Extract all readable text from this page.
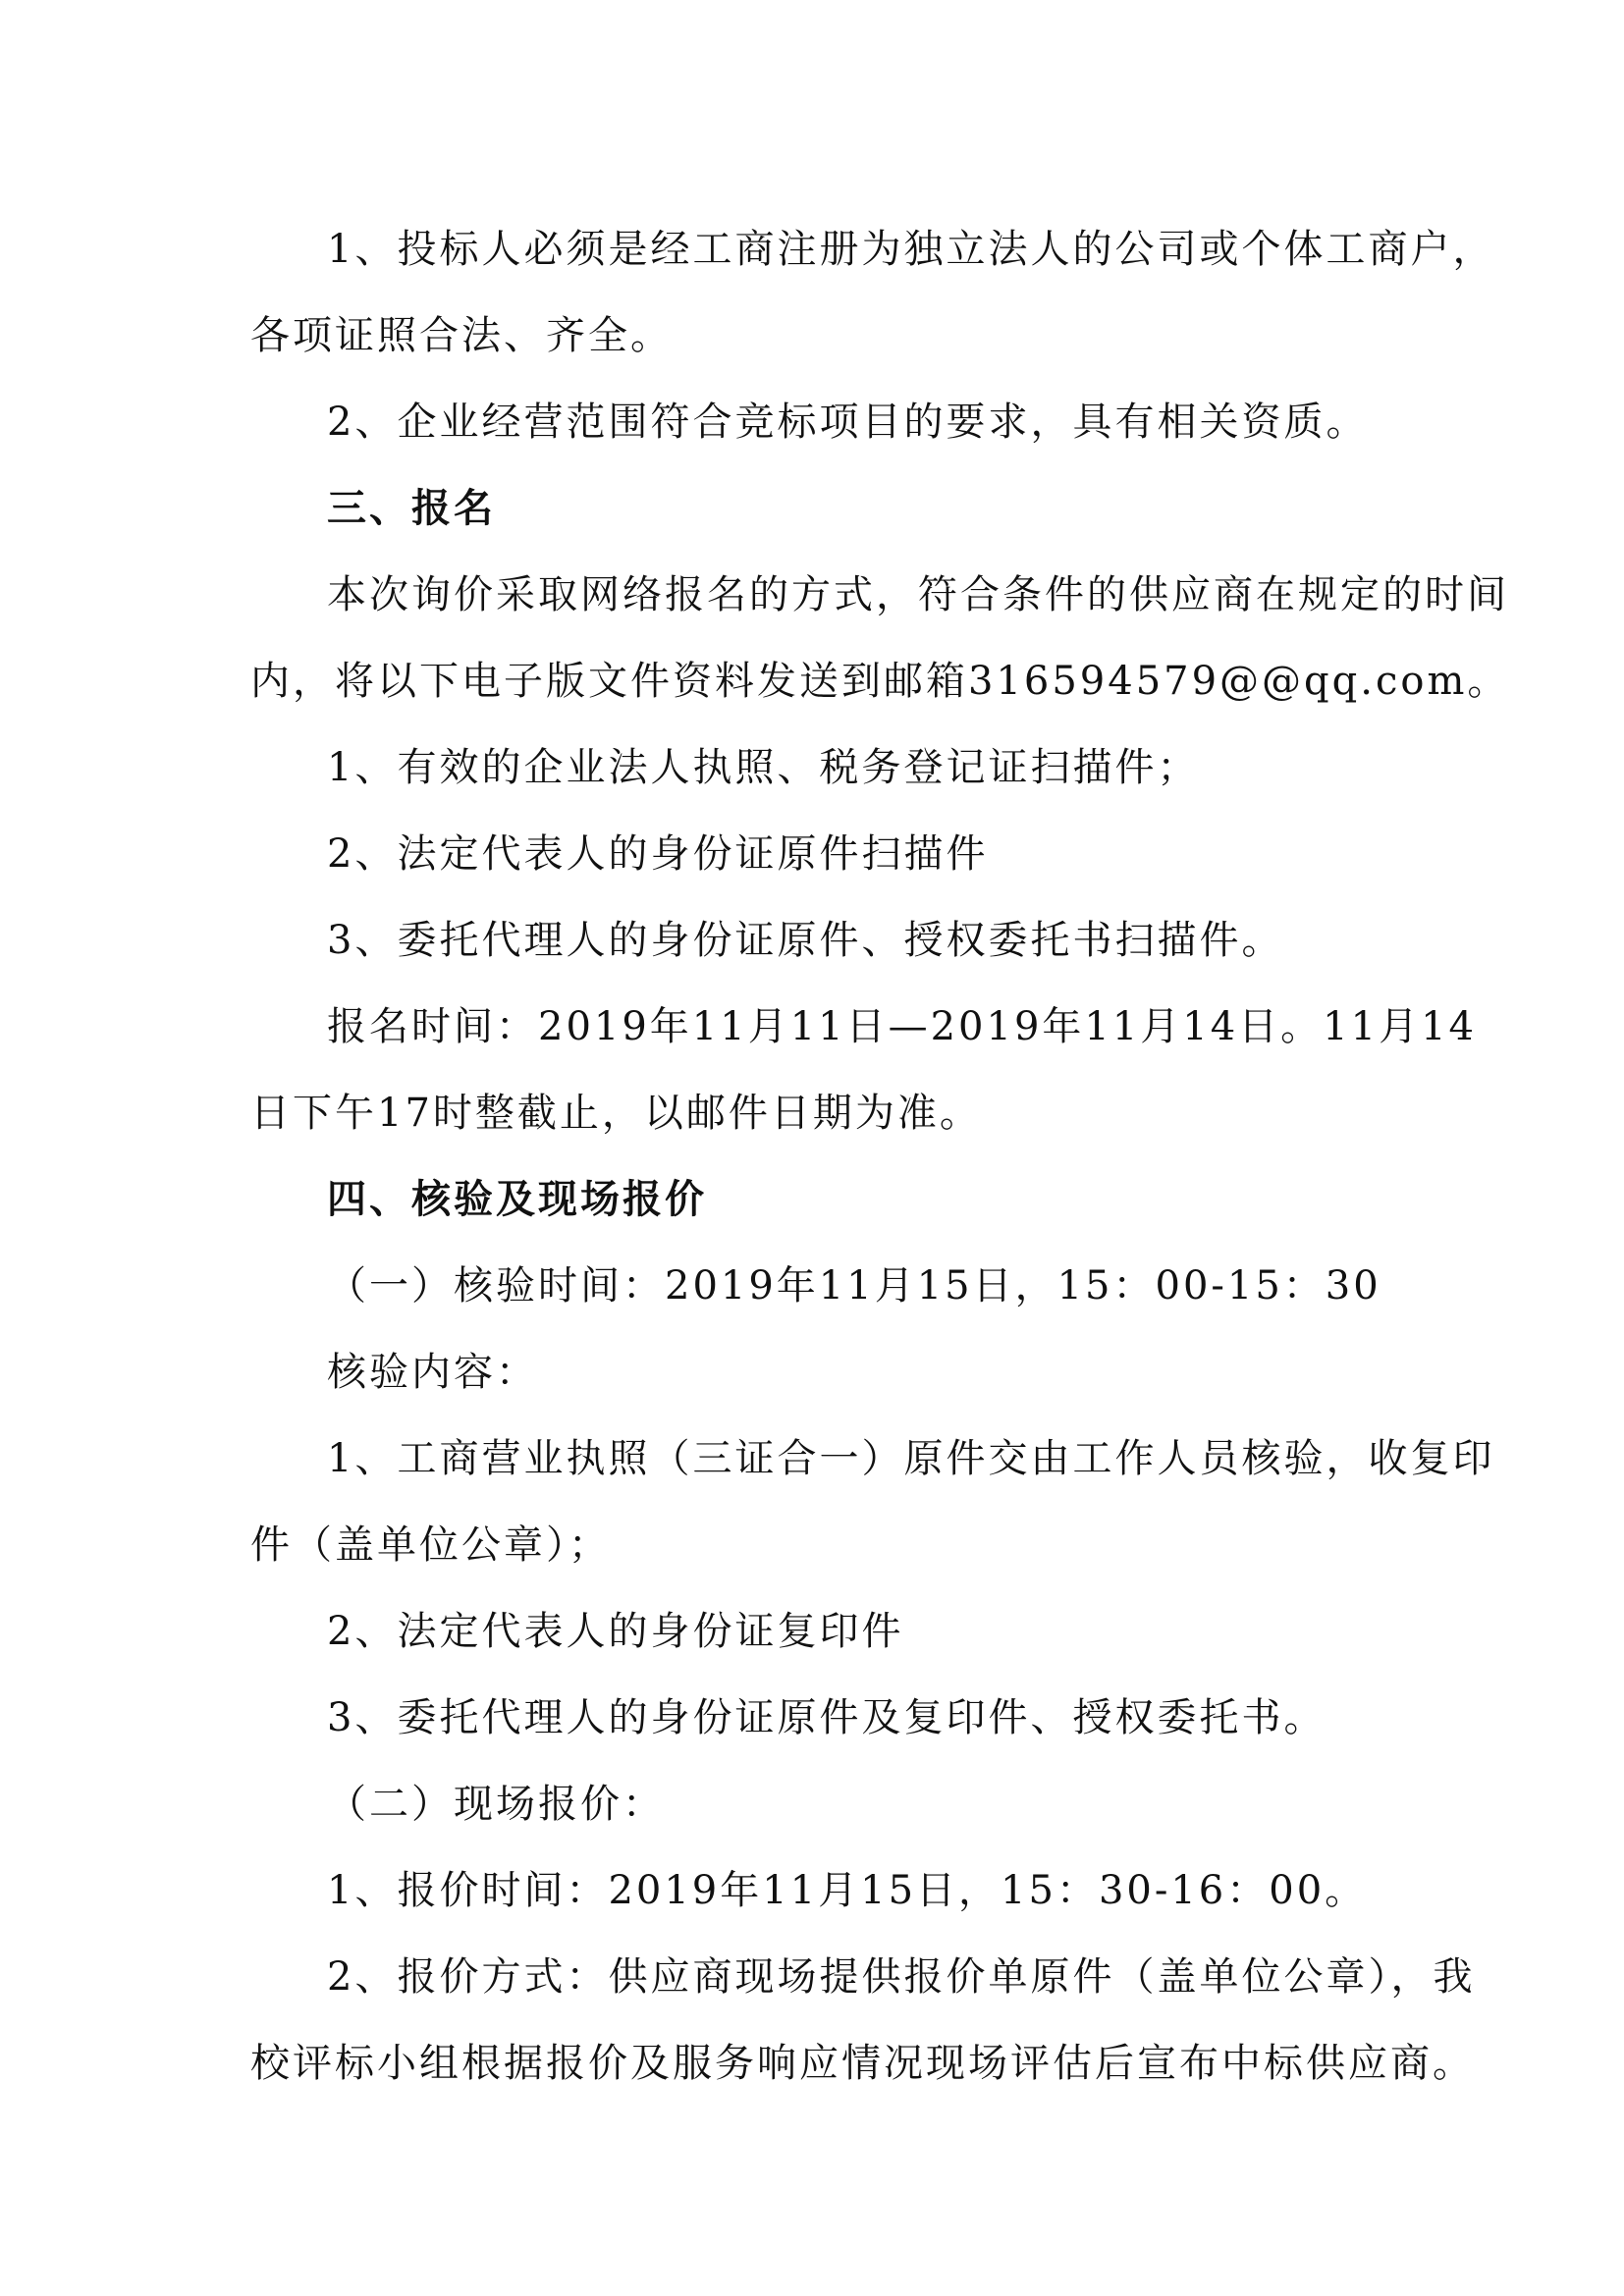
1、投标人必须是经工商注册为独立法人的公司或个体工商户，
各项证照合法、齐全。
2、企业经营范围符合竞标项目的要求，具有相关资质。
三、报名
本次询价采取网络报名的方式，符合条件的供应商在规定的时间
内，将以下电子版文件资料发送到邮箱316594579@@qq.com。
1、有效的企业法人执照、税务登记证扫描件；
2、法定代表人的身份证原件扫描件
3、委托代理人的身份证原件、授权委托书扫描件。
报名时间：2019年11月11日—2019年11月14日。11月14
日下午17时整截止，以邮件日期为准。
四、核验及现场报价
（一）核验时间：2019年11月15日，15：00-15：30
核验内容：
1、工商营业执照（三证合一）原件交由工作人员核验，收复印
件（盖单位公章）；
2、法定代表人的身份证复印件
3、委托代理人的身份证原件及复印件、授权委托书。
（二）现场报价：
1、报价时间：2019年11月15日，15：30-16：00。
2、报价方式：供应商现场提供报价单原件（盖单位公章），我
校评标小组根据报价及服务响应情况现场评估后宣布中标供应商。
